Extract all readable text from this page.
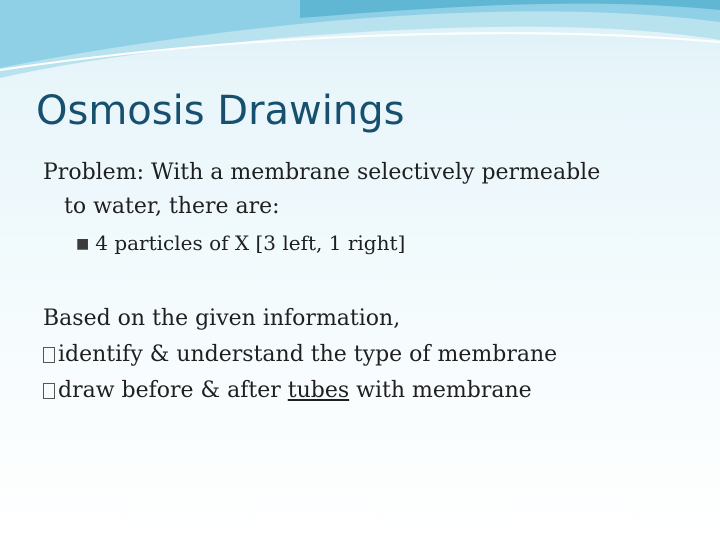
Osmosis Drawings
Problem: With a membrane selectively permeable
to water, there are:
■ 4 particles of X [3 left, 1 right]
Based on the given information,
identify & understand the type of membrane
draw before & after tubes with membrane
